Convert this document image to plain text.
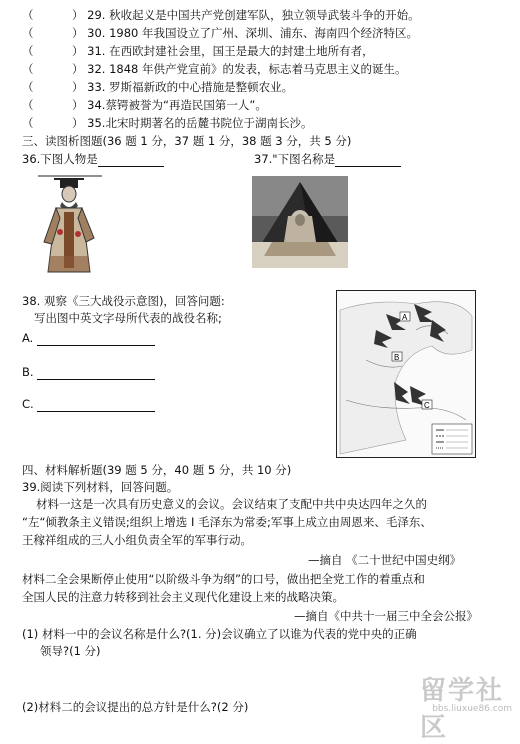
（	） 29. 秋收起义是中国共产党创建军队，独立领导武装斗争的开始。
（	） 30. 1980 年我国设立了广州、深圳、浦东、海南四个经济特区。
（	） 31. 在西欧封建社会里，国王是最大的封建土地所有者，
（	） 32. 1848 年供产党宣前》的发表，标志着马克思主义的诞生。
（	） 33. 罗斯福新政的中心措施是整顿农业。
（	） 34.蔡锷被誉为“再造民国第一人”。
（	） 35.北宋时期著名的岳麓书院位于湖南长沙。
三、读图析图题(36 题 1 分，37 题 1 分，38 题 3 分，共 5 分)
36.下图人物是	37."下图名称是
38. 观察《三大战役示意图)，回答问题:
写出图中英文字母所代表的战役名称;
A.
B.
C.
A
B
C
四、材料解析题(39 题 5 分，40 题 5 分，共 10 分)
39.阅读下列材料，回答问题。
材料一这是一次具有历史意义的会议。会议结束了支配中共中央达四年之久的
“左“倾教条主义错误;组织上增选 I 毛泽东为常委;军事上成立由周恩来、毛泽东、
王稼祥组成的三人小组负责全军的军事行动。
—摘自 《二十世纪中国史纲》
材料二全会果断停止使用“以阶级斗争为纲”的口号，做出把全党工作的着重点和
全国人民的注意力转移到社会主义现代化建设上来的战略决策。
—摘自《中共十一届三中全会公报》
(1) 材料一中的会议名称是什么?(1. 分)会议确立了以谁为代表的党中央的正确
领导?(1 分)
(2)材料二的会议提出的总方针是什么?(2 分)
留学社区
bbs.liuxue86.com
